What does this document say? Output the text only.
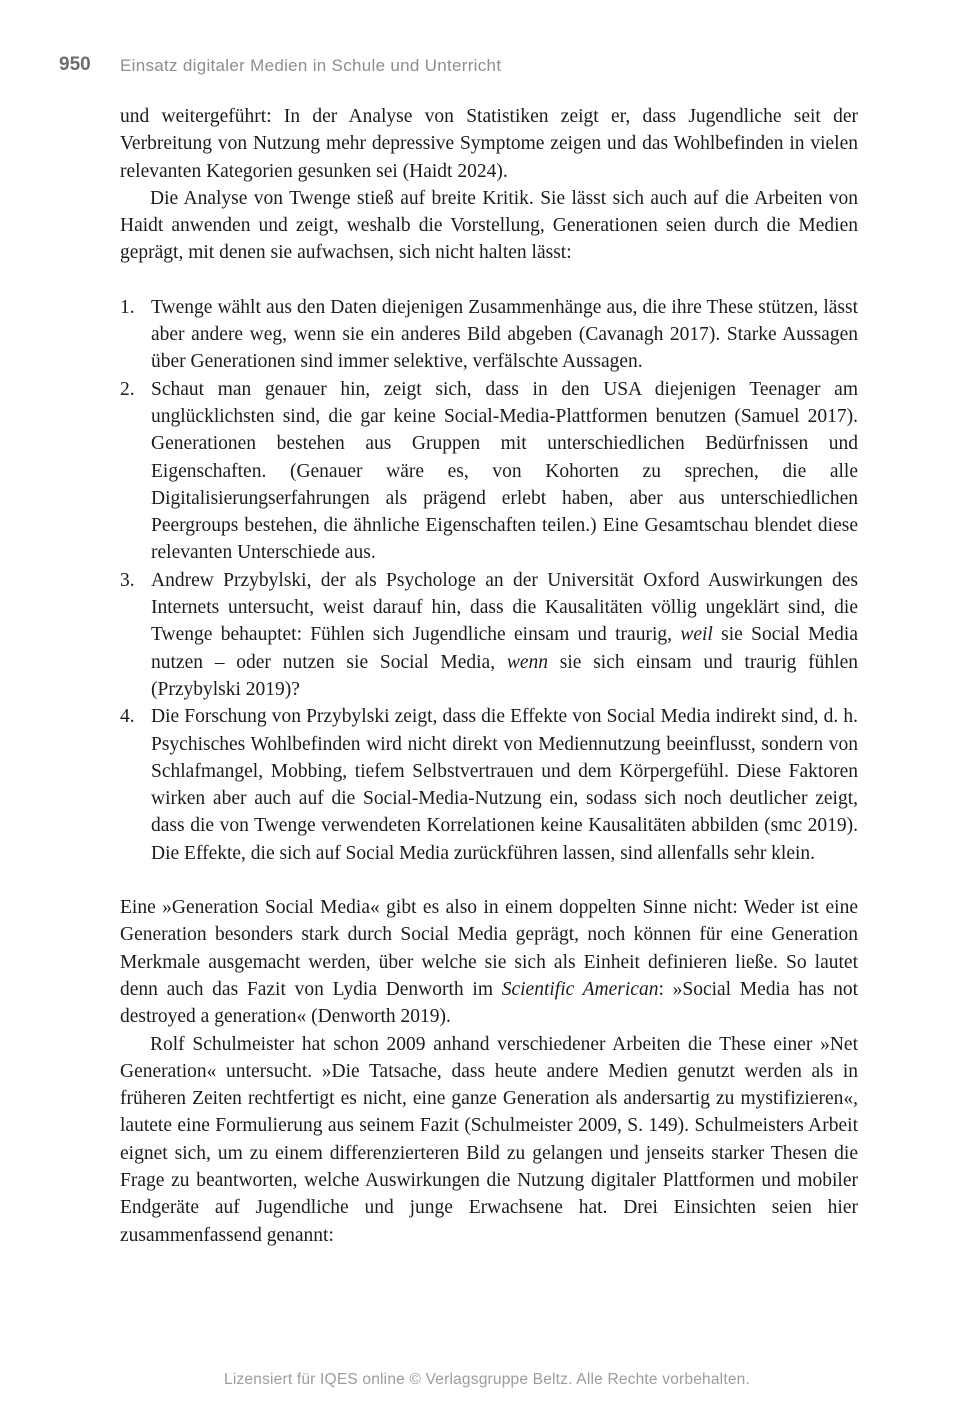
950 Einsatz digitaler Medien in Schule und Unterricht

und weitergeführt: In der Analyse von Statistiken zeigt er, dass Jugendliche seit der Verbreitung von Nutzung mehr depressive Symptome zeigen und das Wohlbefinden in vielen relevanten Kategorien gesunken sei (Haidt 2024).

Die Analyse von Twenge stieß auf breite Kritik. Sie lässt sich auch auf die Arbeiten von Haidt anwenden und zeigt, weshalb die Vorstellung, Generationen seien durch die Medien geprägt, mit denen sie aufwachsen, sich nicht halten lässt:

Twenge wählt aus den Daten diejenigen Zusammenhänge aus, die ihre These stützen, lässt aber andere weg, wenn sie ein anderes Bild abgeben (Cavanagh 2017). Starke Aussagen über Generationen sind immer selektive, verfälschte Aussagen.
Schaut man genauer hin, zeigt sich, dass in den USA diejenigen Teenager am unglücklichsten sind, die gar keine Social-Media-Plattformen benutzen (Samuel 2017). Generationen bestehen aus Gruppen mit unterschiedlichen Bedürfnissen und Eigenschaften. (Genauer wäre es, von Kohorten zu sprechen, die alle Digitalisierungserfahrungen als prägend erlebt haben, aber aus unterschiedlichen Peergroups bestehen, die ähnliche Eigenschaften teilen.) Eine Gesamtschau blendet diese relevanten Unterschiede aus.
Andrew Przybylski, der als Psychologe an der Universität Oxford Auswirkungen des Internets untersucht, weist darauf hin, dass die Kausalitäten völlig ungeklärt sind, die Twenge behauptet: Fühlen sich Jugendliche einsam und traurig, weil sie Social Media nutzen – oder nutzen sie Social Media, wenn sie sich einsam und traurig fühlen (Przybylski 2019)?
Die Forschung von Przybylski zeigt, dass die Effekte von Social Media indirekt sind, d. h. Psychisches Wohlbefinden wird nicht direkt von Mediennutzung beeinflusst, sondern von Schlafmangel, Mobbing, tiefem Selbstvertrauen und dem Körpergefühl. Diese Faktoren wirken aber auch auf die Social-Media-Nutzung ein, sodass sich noch deutlicher zeigt, dass die von Twenge verwendeten Korrelationen keine Kausalitäten abbilden (smc 2019). Die Effekte, die sich auf Social Media zurückführen lassen, sind allenfalls sehr klein.

Eine »Generation Social Media« gibt es also in einem doppelten Sinne nicht: Weder ist eine Generation besonders stark durch Social Media geprägt, noch können für eine Generation Merkmale ausgemacht werden, über welche sie sich als Einheit definieren ließe. So lautet denn auch das Fazit von Lydia Denworth im Scientific American: »Social Media has not destroyed a generation« (Denworth 2019).

Rolf Schulmeister hat schon 2009 anhand verschiedener Arbeiten die These einer »Net Generation« untersucht. »Die Tatsache, dass heute andere Medien genutzt werden als in früheren Zeiten rechtfertigt es nicht, eine ganze Generation als andersartig zu mystifizieren«, lautete eine Formulierung aus seinem Fazit (Schulmeister 2009, S. 149). Schulmeisters Arbeit eignet sich, um zu einem differenzierteren Bild zu gelangen und jenseits starker Thesen die Frage zu beantworten, welche Auswirkungen die Nutzung digitaler Plattformen und mobiler Endgeräte auf Jugendliche und junge Erwachsene hat. Drei Einsichten seien hier zusammenfassend genannt:

Lizensiert für IQES online © Verlagsgruppe Beltz. Alle Rechte vorbehalten.
